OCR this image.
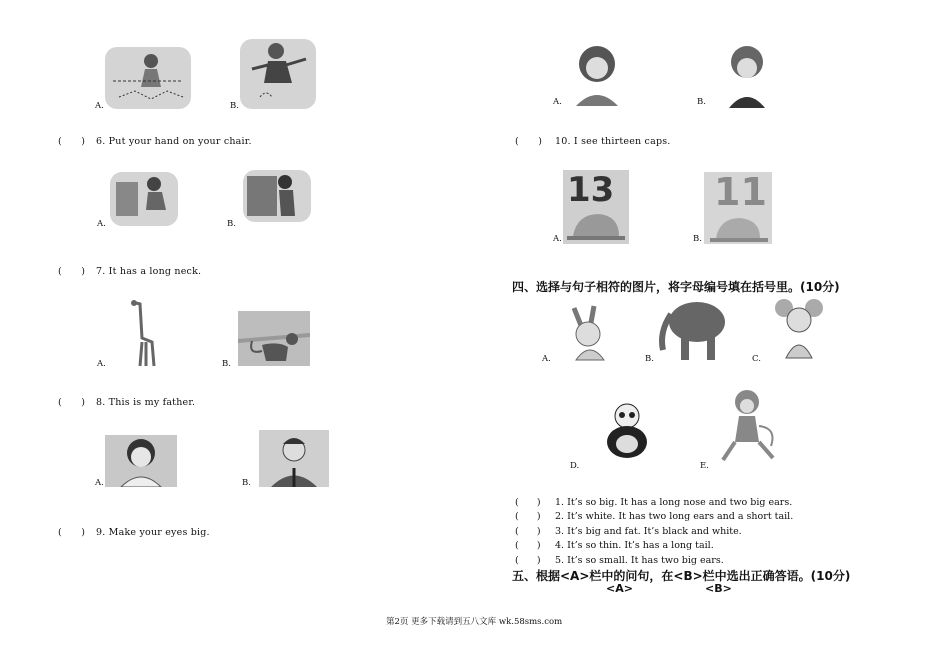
A.	B.
(      ) 6. Put your hand on your chair.
A.	B.
(      ) 7. It has a long neck.
A.	B.
(      ) 8. This is my father.
A.	B.
(      ) 9. Make your eyes big.
A.	B.
(      ) 10. I see thirteen caps.
13
A.
11
B.
四、选择与句子相符的图片，将字母编号填在括号里。(10分)
A.	B.	C.
D.	E.
(      ) 1. It’s so big. It has a long nose and two big ears.
(      ) 2. It’s white. It has two long ears and a short tail.
(      ) 3. It’s big and fat. It’s black and white.
(      ) 4. It’s so thin. It’s has a long tail.
(      ) 5. It’s so small. It has two big ears.
五、根据<A>栏中的问句，在<B>栏中选出正确答语。(10分)
<A>	<B>
第2页 更多下载请到五八文库 wk.58sms.com
